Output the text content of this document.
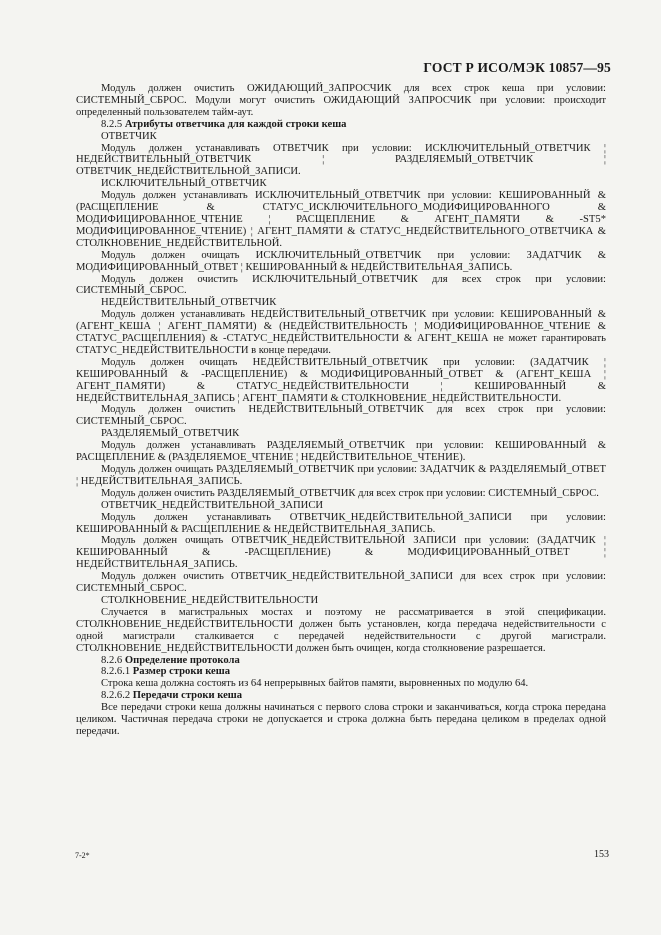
ГОСТ Р ИСО/МЭК 10857—95

Модуль должен очистить ОЖИДАЮЩИЙ_ЗАПРОСЧИК для всех строк кеша при условии: СИСТЕМНЫЙ_СБРОС. Модули могут очистить ОЖИДАЮЩИЙ ЗАПРОСЧИК при условии: происходит определенный пользователем тайм-аут.

8.2.5 Атрибуты ответчика для каждой строки кеша
ОТВЕТЧИК

Модуль должен устанавливать ОТВЕТЧИК при условии: ИСКЛЮЧИТЕЛЬНЫЙ_ОТВЕТЧИК ¦ НЕДЕЙСТВИТЕЛЬНЫЙ_ОТВЕТЧИК ¦ РАЗДЕЛЯЕМЫЙ_ОТВЕТЧИК ¦ ОТВЕТЧИК_НЕДЕЙСТВИТЕЛЬНОЙ_ЗАПИСИ.

ИСКЛЮЧИТЕЛЬНЫЙ_ОТВЕТЧИК

Модуль должен устанавливать ИСКЛЮЧИТЕЛЬНЫЙ_ОТВЕТЧИК при условии: КЕШИРОВАННЫЙ & (РАСЩЕПЛЕНИЕ & СТАТУС_ИСКЛЮЧИТЕЛЬНОГО_МОДИФИЦИРОВАННОГО & МОДИФИЦИРОВАННОЕ_ЧТЕНИЕ ¦ РАСЩЕПЛЕНИЕ & АГЕНТ_ПАМЯТИ & -ST5* МОДИФИЦИРОВАННОЕ_ЧТЕНИЕ) ¦ АГЕНТ_ПАМЯТИ & СТАТУС_НЕДЕЙСТВИТЕЛЬНОГО_ОТВЕТЧИКА & СТОЛКНОВЕНИЕ_НЕДЕЙСТВИТЕЛЬНОЙ.

Модуль должен очищать ИСКЛЮЧИТЕЛЬНЫЙ_ОТВЕТЧИК при условии: ЗАДАТЧИК & МОДИФИЦИРОВАННЫЙ_ОТВЕТ ¦ КЕШИРОВАННЫЙ & НЕДЕЙСТВИТЕЛЬНАЯ_ЗАПИСЬ.

Модуль должен очистить ИСКЛЮЧИТЕЛЬНЫЙ_ОТВЕТЧИК для всех строк при условии: СИСТЕМНЫЙ_СБРОС.

НЕДЕЙСТВИТЕЛЬНЫЙ_ОТВЕТЧИК

Модуль должен устанавливать НЕДЕЙСТВИТЕЛЬНЫЙ_ОТВЕТЧИК при условии: КЕШИРОВАННЫЙ & (АГЕНТ_КЕША ¦ АГЕНТ_ПАМЯТИ) & (НЕДЕЙСТВИТЕЛЬНОСТЬ ¦ МОДИФИЦИРОВАННОЕ_ЧТЕНИЕ & СТАТУС_РАСЩЕПЛЕНИЯ) & -СТАТУС_НЕДЕЙСТВИТЕЛЬНОСТИ & АГЕНТ_КЕША не может гарантировать СТАТУС_НЕДЕЙСТВИТЕЛЬНОСТИ в конце передачи.

Модуль должен очищать НЕДЕЙСТВИТЕЛЬНЫЙ_ОТВЕТЧИК при условии: (ЗАДАТЧИК ¦ КЕШИРОВАННЫЙ & -РАСЩЕПЛЕНИЕ) & МОДИФИЦИРОВАННЫЙ_ОТВЕТ & (АГЕНТ_КЕША ¦ АГЕНТ_ПАМЯТИ) & СТАТУС_НЕДЕЙСТВИТЕЛЬНОСТИ ¦ КЕШИРОВАННЫЙ & НЕДЕЙСТВИТЕЛЬНАЯ_ЗАПИСЬ ¦ АГЕНТ_ПАМЯТИ & СТОЛКНОВЕНИЕ_НЕДЕЙСТВИТЕЛЬНОСТИ.

Модуль должен очистить НЕДЕЙСТВИТЕЛЬНЫЙ_ОТВЕТЧИК для всех строк при условии: СИСТЕМНЫЙ_СБРОС.

РАЗДЕЛЯЕМЫЙ_ОТВЕТЧИК

Модуль должен устанавливать РАЗДЕЛЯЕМЫЙ_ОТВЕТЧИК при условии: КЕШИРОВАННЫЙ & РАСЩЕПЛЕНИЕ & (РАЗДЕЛЯЕМОЕ_ЧТЕНИЕ ¦ НЕДЕЙСТВИТЕЛЬНОЕ_ЧТЕНИЕ).

Модуль должен очищать РАЗДЕЛЯЕМЫЙ_ОТВЕТЧИК при условии: ЗАДАТЧИК & РАЗДЕЛЯЕМЫЙ_ОТВЕТ ¦ НЕДЕЙСТВИТЕЛЬНАЯ_ЗАПИСЬ.

Модуль должен очистить РАЗДЕЛЯЕМЫЙ_ОТВЕТЧИК для всех строк при условии: СИСТЕМНЫЙ_СБРОС.

ОТВЕТЧИК_НЕДЕЙСТВИТЕЛЬНОЙ_ЗАПИСИ

Модуль должен устанавливать ОТВЕТЧИК_НЕДЕЙСТВИТЕЛЬНОЙ_ЗАПИСИ при условии: КЕШИРОВАННЫЙ & РАСЩЕПЛЕНИЕ & НЕДЕЙСТВИТЕЛЬНАЯ_ЗАПИСЬ.

Модуль должен очищать ОТВЕТЧИК_НЕДЕЙСТВИТЕЛЬНОЙ ЗАПИСИ при условии: (ЗАДАТЧИК ¦ КЕШИРОВАННЫЙ & -РАСЩЕПЛЕНИЕ) & МОДИФИЦИРОВАННЫЙ_ОТВЕТ ¦ НЕДЕЙСТВИТЕЛЬНАЯ_ЗАПИСЬ.

Модуль должен очистить ОТВЕТЧИК_НЕДЕЙСТВИТЕЛЬНОЙ_ЗАПИСИ для всех строк при условии: СИСТЕМНЫЙ_СБРОС.

СТОЛКНОВЕНИЕ_НЕДЕЙСТВИТЕЛЬНОСТИ

Случается в магистральных мостах и поэтому не рассматривается в этой спецификации. СТОЛКНОВЕНИЕ_НЕДЕЙСТВИТЕЛЬНОСТИ должен быть установлен, когда передача недействительности с одной магистрали сталкивается с передачей недействительности с другой магистрали. СТОЛКНОВЕНИЕ_НЕДЕЙСТВИТЕЛЬНОСТИ должен быть очищен, когда столкновение разрешается.

8.2.6 Определение протокола
8.2.6.1 Размер строки кеша

Строка кеша должна состоять из 64 непрерывных байтов памяти, выровненных по модулю 64.

8.2.6.2 Передачи строки кеша

Все передачи строки кеша должны начинаться с первого слова строки и заканчиваться, когда строка передана целиком. Частичная передача строки не допускается и строка должна быть передана целиком в пределах одной передачи.

7-2*	153
